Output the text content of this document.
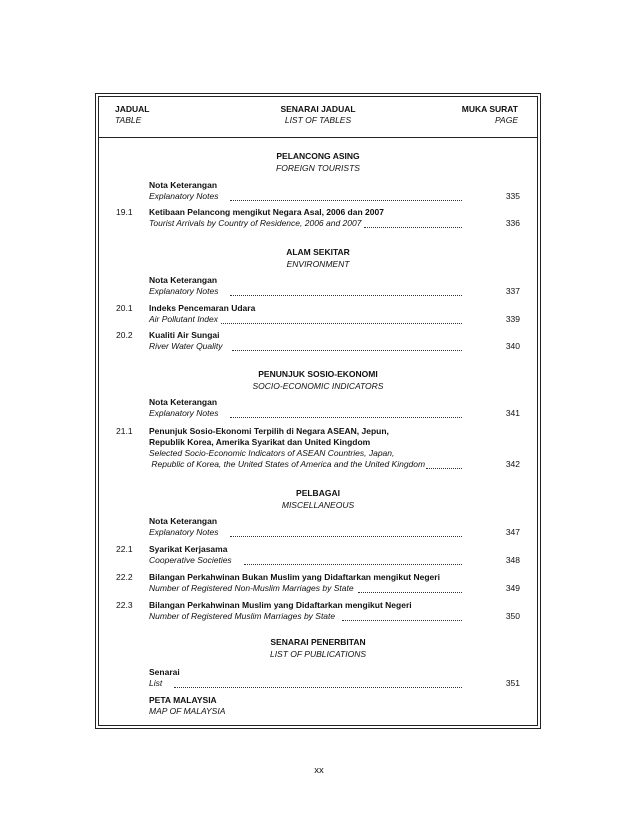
JADUAL
TABLE
SENARAI JADUAL
LIST OF TABLES
MUKA SURAT
PAGE
PELANCONG ASING
FOREIGN TOURISTS
Nota Keterangan
Explanatory Notes	335
19.1 Ketibaan Pelancong mengikut Negara Asal, 2006 dan 2007
Tourist Arrivals by Country of Residence, 2006 and 2007	336
ALAM SEKITAR
ENVIRONMENT
Nota Keterangan
Explanatory Notes	337
20.1 Indeks Pencemaran Udara
Air Pollutant Index	339
20.2 Kualiti Air Sungai
River Water Quality	340
PENUNJUK SOSIO-EKONOMI
SOCIO-ECONOMIC INDICATORS
Nota Keterangan
Explanatory Notes	341
21.1 Penunjuk Sosio-Ekonomi Terpilih di Negara ASEAN, Jepun,
Republik Korea, Amerika Syarikat dan United Kingdom
Selected Socio-Economic Indicators of ASEAN Countries, Japan,
Republic of Korea, the United States of America and the United Kingdom	342
PELBAGAI
MISCELLANEOUS
Nota Keterangan
Explanatory Notes	347
22.1 Syarikat Kerjasama
Cooperative Societies	348
22.2 Bilangan Perkahwinan Bukan Muslim yang Didaftarkan mengikut Negeri
Number of Registered Non-Muslim Marriages by State	349
22.3 Bilangan Perkahwinan Muslim yang Didaftarkan mengikut Negeri
Number of Registered Muslim Marriages by State	350
SENARAI PENERBITAN
LIST OF PUBLICATIONS
Senarai
List	351
PETA MALAYSIA
MAP OF MALAYSIA
xx
